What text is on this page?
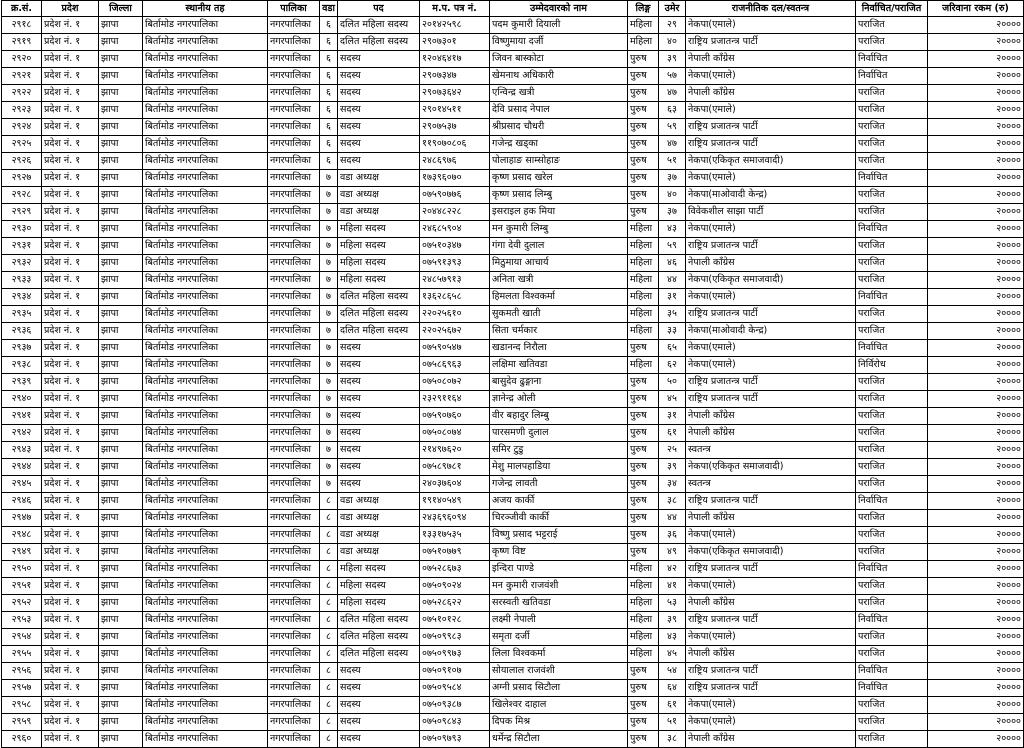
क्र.सं.	प्रदेश	जिल्ला	स्थानीय तह	पालिका	वडा	पद	म.प. पत्र नं.	उम्मेदवारको नाम	लिङ्ग	उमेर	राजनीतिक दल/स्वतन्त्र	निर्वाचित/पराजित	जरिवाना रकम (रु)
२९१८	प्रदेश नं. १	झापा	बिर्तामोड नगरपालिका	नगरपालिका	६	दलित महिला सदस्य	२०१४२५९८	पदम कुमारी दियाली	महिला	२९	नेकपा(एमाले)	पराजित	२००००
२९१९	प्रदेश नं. १	झापा	बिर्तामोड नगरपालिका	नगरपालिका	६	दलित महिला सदस्य	२९०७३०१	विष्णुमाया दर्जी	महिला	४०	राष्ट्रिय प्रजातन्त्र पार्टी	पराजित	२००००
२९२०	प्रदेश नं. १	झापा	बिर्तामोड नगरपालिका	नगरपालिका	६	सदस्य	१२०४६४१७	जिवन बास्कोटा	पुरुष	३९	नेपाली काँग्रेस	निर्वाचित	२००००
२९२१	प्रदेश नं. १	झापा	बिर्तामोड नगरपालिका	नगरपालिका	६	सदस्य	२९०७३४७	खेमनाथ अधिकारी	पुरुष	५७	नेकपा(एमाले)	निर्वाचित	२००००
२९२२	प्रदेश नं. १	झापा	बिर्तामोड नगरपालिका	नगरपालिका	६	सदस्य	२९०७३६४२	एन्विन्द्र खत्री	पुरुष	४७	नेपाली काँग्रेस	पराजित	२००००
२९२३	प्रदेश नं. १	झापा	बिर्तामोड नगरपालिका	नगरपालिका	६	सदस्य	२९०१४५११	देवि प्रसाद नेपाल	पुरुष	६३	नेकपा(एमाले)	पराजित	२००००
२९२४	प्रदेश नं. १	झापा	बिर्तामोड नगरपालिका	नगरपालिका	६	सदस्य	२९०७५३७	श्रीप्रसाद चौधरी	पुरुष	५९	राष्ट्रिय प्रजातन्त्र पार्टी	पराजित	२००००
२९२५	प्रदेश नं. १	झापा	बिर्तामोड नगरपालिका	नगरपालिका	६	सदस्य	११९०७०८०६	गजेन्द्र खड्का	पुरुष	४७	राष्ट्रिय प्रजातन्त्र पार्टी	पराजित	२००००
२९२६	प्रदेश नं. १	झापा	बिर्तामोड नगरपालिका	नगरपालिका	६	सदस्य	२४८६९७६	पोलाहाङ साम्सोहाङ	पुरुष	५१	नेकपा(एकिकृत समाजवादी)	पराजित	२००००
२९२७	प्रदेश नं. १	झापा	बिर्तामोड नगरपालिका	नगरपालिका	७	वडा अध्यक्ष	१७३९६०७०	कृष्ण प्रसाद खरेल	पुरुष	३७	नेकपा(एमाले)	निर्वाचित	२००००
२९२८	प्रदेश नं. १	झापा	बिर्तामोड नगरपालिका	नगरपालिका	७	वडा अध्यक्ष	०७५९०७७६	कृष्ण प्रसाद लिम्बु	पुरुष	४०	नेकपा(माओवादी केन्द्र)	पराजित	२००००
२९२९	प्रदेश नं. १	झापा	बिर्तामोड नगरपालिका	नगरपालिका	७	वडा अध्यक्ष	२०४४८२२८	इसराइल हक मिया	पुरुष	३७	विवेकशील साझा पार्टी	पराजित	२००००
२९३०	प्रदेश नं. १	झापा	बिर्तामोड नगरपालिका	नगरपालिका	७	महिला सदस्य	२४६८५९०४	मन कुमारी लिम्बु	महिला	४३	नेकपा(एमाले)	निर्वाचित	२००००
२९३१	प्रदेश नं. १	झापा	बिर्तामोड नगरपालिका	नगरपालिका	७	महिला सदस्य	०७५१०३४७	गंगा देवी दुलाल	महिला	५९	राष्ट्रिय प्रजातन्त्र पार्टी	पराजित	२००००
२९३२	प्रदेश नं. १	झापा	बिर्तामोड नगरपालिका	नगरपालिका	७	महिला सदस्य	०७५९१३९३	मिठुमाया आचार्य	महिला	४६	नेपाली काँग्रेस	पराजित	२००००
२९३३	प्रदेश नं. १	झापा	बिर्तामोड नगरपालिका	नगरपालिका	७	महिला सदस्य	२४८५७९१३	अनिता खत्री	महिला	४४	नेकपा(एकिकृत समाजवादी)	पराजित	२००००
२९३४	प्रदेश नं. १	झापा	बिर्तामोड नगरपालिका	नगरपालिका	७	दलित महिला सदस्य	१३६२८६५८	हिमलता विश्वकर्मा	महिला	३१	नेकपा(एमाले)	निर्वाचित	२००००
२९३५	प्रदेश नं. १	झापा	बिर्तामोड नगरपालिका	नगरपालिका	७	दलित महिला सदस्य	२२०२५६१०	सुकमती खाती	महिला	३५	राष्ट्रिय प्रजातन्त्र पार्टी	पराजित	२००००
२९३६	प्रदेश नं. १	झापा	बिर्तामोड नगरपालिका	नगरपालिका	७	दलित महिला सदस्य	२२०२५६७२	सिता चर्मकार	महिला	३३	नेकपा(माओवादी केन्द्र)	पराजित	२००००
२९३७	प्रदेश नं. १	झापा	बिर्तामोड नगरपालिका	नगरपालिका	७	सदस्य	०७५९०५४७	खडानन्द निरौला	पुरुष	६५	नेकपा(एमाले)	निर्वाचित	२००००
२९३८	प्रदेश नं. १	झापा	बिर्तामोड नगरपालिका	नगरपालिका	७	सदस्य	०७५८६९६३	लक्षिमा खतिवडा	महिला	६२	नेकपा(एमाले)	निर्विरोध	२००००
२९३९	प्रदेश नं. १	झापा	बिर्तामोड नगरपालिका	नगरपालिका	७	सदस्य	०७५०८०७२	बासुदेव ढुङ्गाना	पुरुष	५०	राष्ट्रिय प्रजातन्त्र पार्टी	पराजित	२००००
२९४०	प्रदेश नं. १	झापा	बिर्तामोड नगरपालिका	नगरपालिका	७	सदस्य	२३२९११६४	ज्ञानेन्द्र ओली	पुरुष	४५	राष्ट्रिय प्रजातन्त्र पार्टी	पराजित	२००००
२९४१	प्रदेश नं. १	झापा	बिर्तामोड नगरपालिका	नगरपालिका	७	सदस्य	०७५९०७६०	वीर बहादुर लिम्बु	पुरुष	३१	नेपाली काँग्रेस	पराजित	२००००
२९४२	प्रदेश नं. १	झापा	बिर्तामोड नगरपालिका	नगरपालिका	७	सदस्य	०७५०८०७४	पारसमणी दुलाल	पुरुष	६१	नेपाली काँग्रेस	पराजित	२००००
२९४३	प्रदेश नं. १	झापा	बिर्तामोड नगरपालिका	नगरपालिका	७	सदस्य	२१४९७६२०	समिर टुडु	पुरुष	२५	स्वतन्त्र	पराजित	२००००
२९४४	प्रदेश नं. १	झापा	बिर्तामोड नगरपालिका	नगरपालिका	७	सदस्य	०७५८९७८१	मेशु मालपहाडिया	पुरुष	३९	नेकपा(एकिकृत समाजवादी)	पराजित	२००००
२९४५	प्रदेश नं. १	झापा	बिर्तामोड नगरपालिका	नगरपालिका	७	सदस्य	२४०३७६०४	गजेन्द्र लावती	पुरुष	३४	स्वतन्त्र	पराजित	२००००
२९४६	प्रदेश नं. १	झापा	बिर्तामोड नगरपालिका	नगरपालिका	८	वडा अध्यक्ष	१९१४०५४९	अजय कार्की	पुरुष	३८	राष्ट्रिय प्रजातन्त्र पार्टी	निर्वाचित	२००००
२९४७	प्रदेश नं. १	झापा	बिर्तामोड नगरपालिका	नगरपालिका	८	वडा अध्यक्ष	२४३६९६०९४	चिरञ्जीवी कार्की	पुरुष	४४	नेपाली काँग्रेस	पराजित	२००००
२९४८	प्रदेश नं. १	झापा	बिर्तामोड नगरपालिका	नगरपालिका	८	वडा अध्यक्ष	१३३१७५३५	विष्णु प्रसाद भट्टराई	पुरुष	३६	नेकपा(एमाले)	पराजित	२००००
२९४९	प्रदेश नं. १	झापा	बिर्तामोड नगरपालिका	नगरपालिका	८	वडा अध्यक्ष	०७५१०७७९	कृष्ण विष्ट	पुरुष	४९	नेकपा(एकिकृत समाजवादी)	पराजित	२००००
२९५०	प्रदेश नं. १	झापा	बिर्तामोड नगरपालिका	नगरपालिका	८	महिला सदस्य	०७५२८६७३	इन्दिरा पाण्डे	महिला	४२	राष्ट्रिय प्रजातन्त्र पार्टी	निर्वाचित	२००००
२९५१	प्रदेश नं. १	झापा	बिर्तामोड नगरपालिका	नगरपालिका	८	महिला सदस्य	०७५०९०२४	मन कुमारी राजवंशी	महिला	४१	नेकपा(एमाले)	पराजित	२००००
२९५२	प्रदेश नं. १	झापा	बिर्तामोड नगरपालिका	नगरपालिका	८	महिला सदस्य	०७५२८६२२	सरस्वती खतिवडा	महिला	५३	नेपाली काँग्रेस	पराजित	२००००
२९५३	प्रदेश नं. १	झापा	बिर्तामोड नगरपालिका	नगरपालिका	८	दलित महिला सदस्य	०७५१०१२८	लक्ष्मी नेपाली	महिला	३९	राष्ट्रिय प्रजातन्त्र पार्टी	निर्वाचित	२००००
२९५४	प्रदेश नं. १	झापा	बिर्तामोड नगरपालिका	नगरपालिका	८	दलित महिला सदस्य	०७५०९९८३	समृता दर्जी	महिला	४३	नेकपा(एमाले)	पराजित	२००००
२९५५	प्रदेश नं. १	झापा	बिर्तामोड नगरपालिका	नगरपालिका	८	दलित महिला सदस्य	०७५०९९७३	लिला विश्वकर्मा	महिला	४५	नेपाली काँग्रेस	पराजित	२००००
२९५६	प्रदेश नं. १	झापा	बिर्तामोड नगरपालिका	नगरपालिका	८	सदस्य	०७५०९१०७	सोयालाल राजवंशी	पुरुष	५४	राष्ट्रिय प्रजातन्त्र पार्टी	निर्वाचित	२००००
२९५७	प्रदेश नं. १	झापा	बिर्तामोड नगरपालिका	नगरपालिका	८	सदस्य	०७५०९५८४	अग्नी प्रसाद सिटौला	पुरुष	६४	राष्ट्रिय प्रजातन्त्र पार्टी	निर्वाचित	२००००
२९५८	प्रदेश नं. १	झापा	बिर्तामोड नगरपालिका	नगरपालिका	८	सदस्य	०७५०९३८७	खिलेश्वर दाहाल	पुरुष	६१	नेकपा(एमाले)	पराजित	२००००
२९५९	प्रदेश नं. १	झापा	बिर्तामोड नगरपालिका	नगरपालिका	८	सदस्य	०७५०९८४३	दिपक मिश्र	पुरुष	५१	नेकपा(एमाले)	पराजित	२००००
२९६०	प्रदेश नं. १	झापा	बिर्तामोड नगरपालिका	नगरपालिका	८	सदस्य	०७५०९७९३	धर्मेन्द्र सिटौला	पुरुष	३८	नेपाली काँग्रेस	पराजित	२००००
